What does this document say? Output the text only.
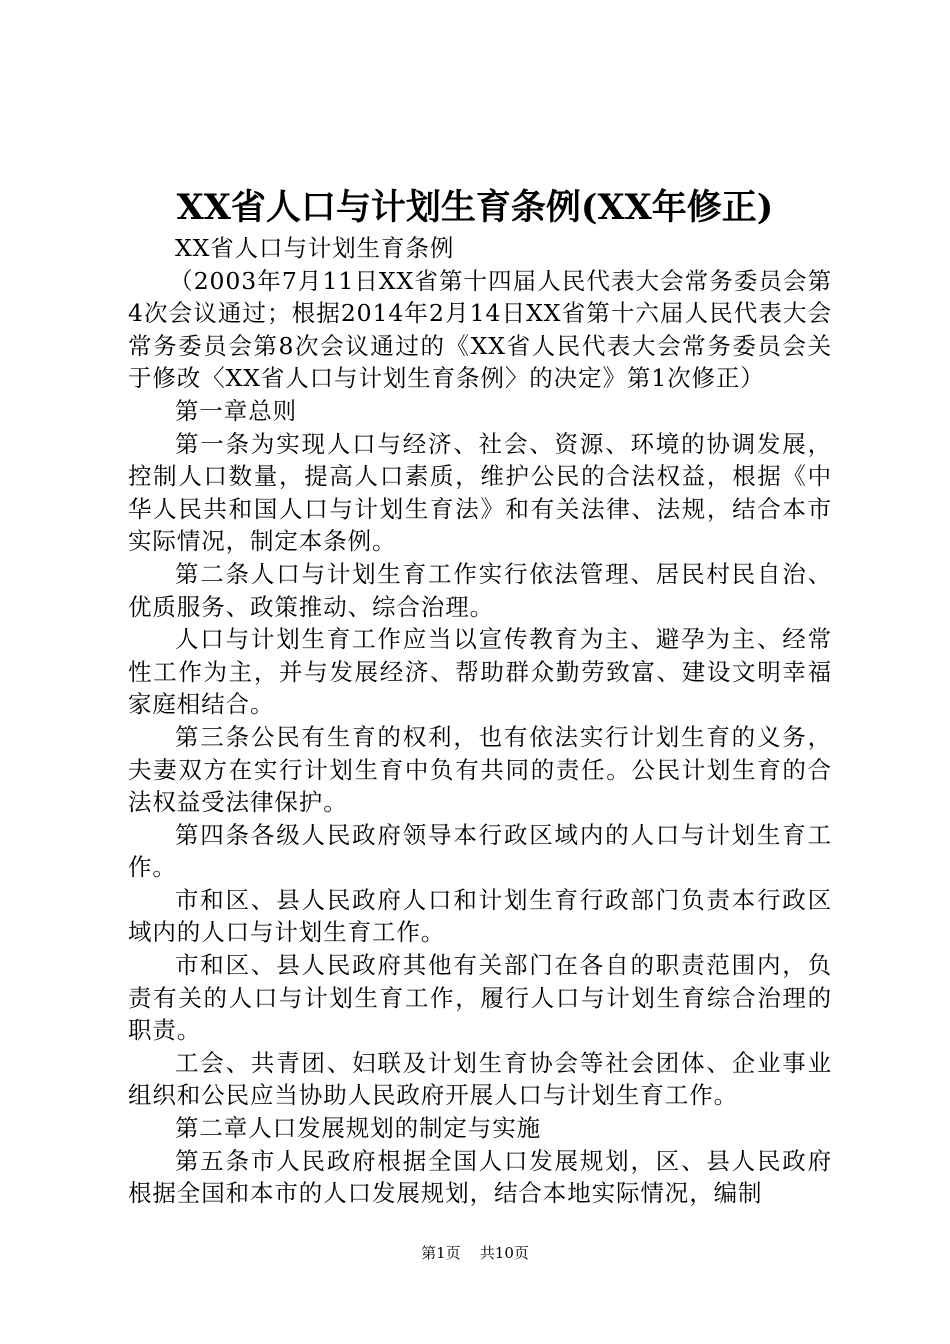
XX省人口与计划生育条例(XX年修正)

XX省人口与计划生育条例

（2003年7月11日XX省第十四届人民代表大会常务委员会第4次会议通过；根据2014年2月14日XX省第十六届人民代表大会常务委员会第8次会议通过的《XX省人民代表大会常务委员会关于修改〈XX省人口与计划生育条例〉的决定》第1次修正）

第一章总则

第一条为实现人口与经济、社会、资源、环境的协调发展，控制人口数量，提高人口素质，维护公民的合法权益，根据《中华人民共和国人口与计划生育法》和有关法律、法规，结合本市实际情况，制定本条例。

第二条人口与计划生育工作实行依法管理、居民村民自治、优质服务、政策推动、综合治理。

人口与计划生育工作应当以宣传教育为主、避孕为主、经常性工作为主，并与发展经济、帮助群众勤劳致富、建设文明幸福家庭相结合。

第三条公民有生育的权利，也有依法实行计划生育的义务，夫妻双方在实行计划生育中负有共同的责任。公民计划生育的合法权益受法律保护。

第四条各级人民政府领导本行政区域内的人口与计划生育工作。

市和区、县人民政府人口和计划生育行政部门负责本行政区域内的人口与计划生育工作。

市和区、县人民政府其他有关部门在各自的职责范围内，负责有关的人口与计划生育工作，履行人口与计划生育综合治理的职责。

工会、共青团、妇联及计划生育协会等社会团体、企业事业组织和公民应当协助人民政府开展人口与计划生育工作。

第二章人口发展规划的制定与实施

第五条市人民政府根据全国人口发展规划，区、县人民政府根据全国和本市的人口发展规划，结合本地实际情况，编制

第1页 共10页
